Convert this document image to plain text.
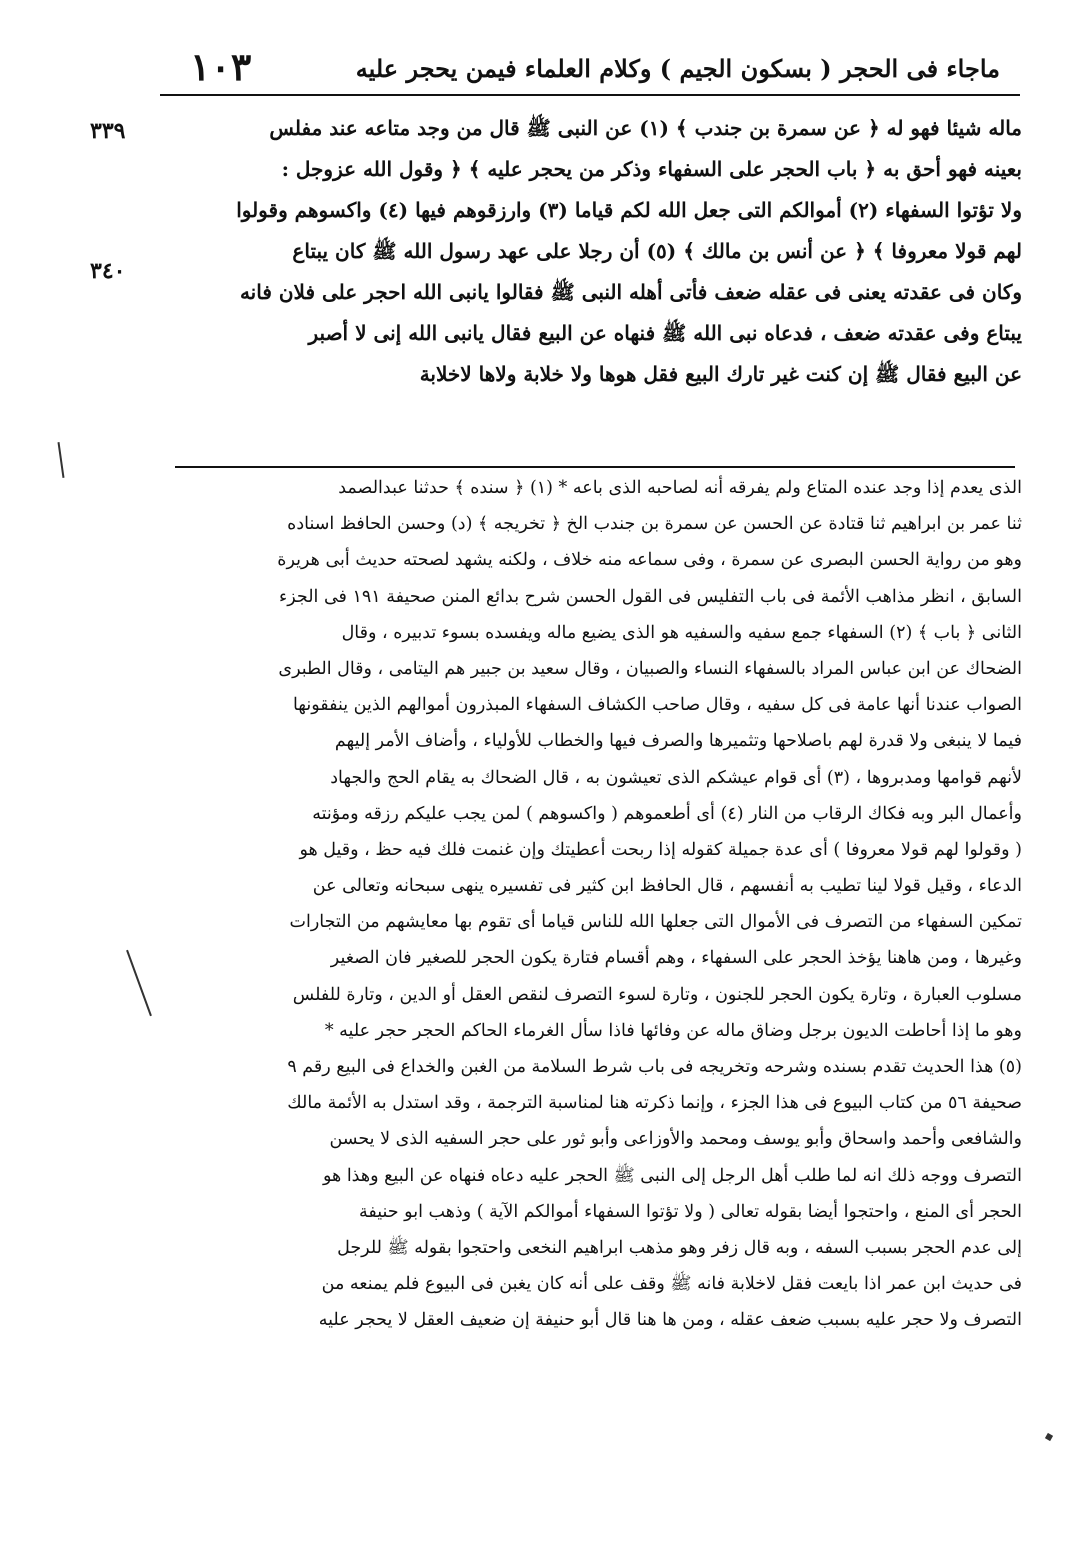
ماجاء فى الحجر ( بسكون الجيم ) وكلام العلماء فيمن يحجر عليه
١٠٣
٣٣٩
٣٤٠
ماله شيئا فهو له ﴿ عن سمرة بن جندب ﴾ (١) عن النبى ﷺ قال من وجد متاعه عند مفلس
بعينه فهو أحق به ﴿ باب الحجر على السفهاء وذكر من يحجر عليه ﴾ ﴿ وقول الله عزوجل :
ولا تؤتوا السفهاء (٢) أموالكم التى جعل الله لكم قياما (٣) وارزقوهم فيها (٤) واكسوهم وقولوا
لهم قولا معروفا ﴾ ﴿ عن أنس بن مالك ﴾ (٥) أن رجلا على عهد رسول الله ﷺ كان يبتاع
وكان فى عقدته يعنى فى عقله ضعف فأتى أهله النبى ﷺ فقالوا يانبى الله احجر على فلان فانه
يبتاع وفى عقدته ضعف ، فدعاه نبى الله ﷺ فنهاه عن البيع فقال يانبى الله إنى لا أصبر
عن البيع فقال ﷺ إن كنت غير تارك البيع فقل هوها ولا خلابة ولاها لاخلابة
الذى يعدم إذا وجد عنده المتاع ولم يفرقه أنه لصاحبه الذى باعه * (١) ﴿ سنده ﴾ حدثنا عبدالصمد
ثنا عمر بن ابراهيم ثنا قتادة عن الحسن عن سمرة بن جندب الخ ﴿ تخريجه ﴾ (د) وحسن الحافظ اسناده
وهو من رواية الحسن البصرى عن سمرة ، وفى سماعه منه خلاف ، ولكنه يشهد لصحته حديث أبى هريرة
السابق ، انظر مذاهب الأئمة فى باب التفليس فى القول الحسن شرح بدائع المنن صحيفة ١٩١ فى الجزء
الثانى ﴿ باب ﴾ (٢) السفهاء جمع سفيه والسفيه هو الذى يضيع ماله ويفسده بسوء تدبيره ، وقال
الضحاك عن ابن عباس المراد بالسفهاء النساء والصبيان ، وقال سعيد بن جبير هم اليتامى ، وقال الطبرى
الصواب عندنا أنها عامة فى كل سفيه ، وقال صاحب الكشاف السفهاء المبذرون أموالهم الذين ينفقونها
فيما لا ينبغى ولا قدرة لهم باصلاحها وتثميرها والصرف فيها والخطاب للأولياء ، وأضاف الأمر إليهم
لأنهم قوامها ومدبروها ، (٣) أى قوام عيشكم الذى تعيشون به ، قال الضحاك به يقام الحج والجهاد
وأعمال البر وبه فكاك الرقاب من النار (٤) أى أطعموهم ( واكسوهم ) لمن يجب عليكم رزقه ومؤنته
( وقولوا لهم قولا معروفا ) أى عدة جميلة كقوله إذا ربحت أعطيتك وإن غنمت فلك فيه حظ ، وقيل هو
الدعاء ، وقيل قولا لينا تطيب به أنفسهم ، قال الحافظ ابن كثير فى تفسيره ينهى سبحانه وتعالى عن
تمكين السفهاء من التصرف فى الأموال التى جعلها الله للناس قياما أى تقوم بها معايشهم من التجارات
وغيرها ، ومن هاهنا يؤخذ الحجر على السفهاء ، وهم أقسام فتارة يكون الحجر للصغير فان الصغير
مسلوب العبارة ، وتارة يكون الحجر للجنون ، وتارة لسوء التصرف لنقص العقل أو الدين ، وتارة للفلس
وهو ما إذا أحاطت الديون برجل وضاق ماله عن وفائها فاذا سأل الغرماء الحاكم الحجر حجر عليه *
(٥) هذا الحديث تقدم بسنده وشرحه وتخريجه فى باب شرط السلامة من الغبن والخداع فى البيع رقم ٩
صحيفة ٥٦ من كتاب البيوع فى هذا الجزء ، وإنما ذكرته هنا لمناسبة الترجمة ، وقد استدل به الأئمة مالك
والشافعى وأحمد واسحاق وأبو يوسف ومحمد والأوزاعى وأبو ثور على حجر السفيه الذى لا يحسن
التصرف ووجه ذلك انه لما طلب أهل الرجل إلى النبى ﷺ الحجر عليه دعاه فنهاه عن البيع وهذا هو
الحجر أى المنع ، واحتجوا أيضا بقوله تعالى ( ولا تؤتوا السفهاء أموالكم الآية ) وذهب ابو حنيفة
إلى عدم الحجر بسبب السفه ، وبه قال زفر وهو مذهب ابراهيم النخعى واحتجوا بقوله ﷺ للرجل
فى حديث ابن عمر اذا بايعت فقل لاخلابة فانه ﷺ وقف على أنه كان يغبن فى البيوع فلم يمنعه من
التصرف ولا حجر عليه بسبب ضعف عقله ، ومن ها هنا قال أبو حنيفة إن ضعيف العقل لا يحجر عليه
